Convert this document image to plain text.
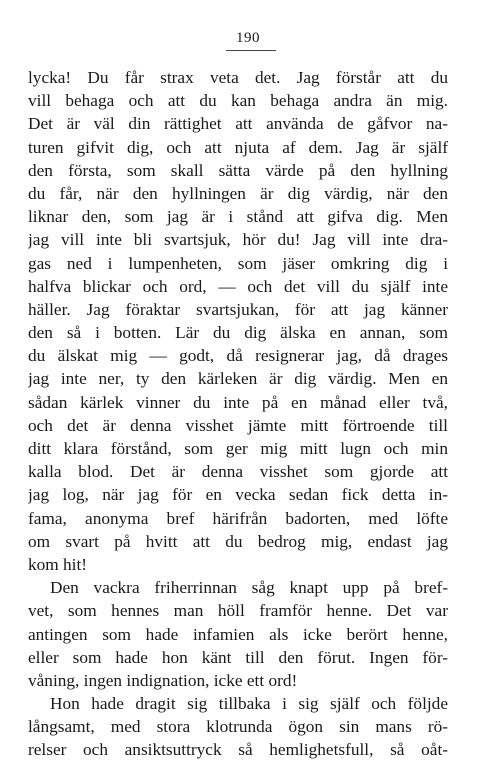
190
lycka! Du får strax veta det. Jag förstår att du
vill behaga och att du kan behaga andra än mig.
Det är väl din rättighet att använda de gåfvor na-
turen gifvit dig, och att njuta af dem. Jag är själf
den första, som skall sätta värde på den hyllning
du får, när den hyllningen är dig värdig, när den
liknar den, som jag är i stånd att gifva dig. Men
jag vill inte bli svartsjuk, hör du! Jag vill inte dra-
gas ned i lumpenheten, som jäser omkring dig i
halfva blickar och ord, — och det vill du själf inte
häller. Jag föraktar svartsjukan, för att jag känner
den så i botten. Lär du dig älska en annan, som
du älskat mig — godt, då resignerar jag, då drages
jag inte ner, ty den kärleken är dig värdig. Men en
sådan kärlek vinner du inte på en månad eller två,
och det är denna visshet jämte mitt förtroende till
ditt klara förstånd, som ger mig mitt lugn och min
kalla blod. Det är denna visshet som gjorde att
jag log, när jag för en vecka sedan fick detta in-
fama, anonyma bref härifrån badorten, med löfte
om svart på hvitt att du bedrog mig, endast jag
kom hit!
Den vackra friherrinnan såg knapt upp på bref-
vet, som hennes man höll framför henne. Det var
antingen som hade infamien als icke berört henne,
eller som hade hon känt till den förut. Ingen för-
våning, ingen indignation, icke ett ord!
Hon hade dragit sig tillbaka i sig själf och följde
långsamt, med stora klotrunda ögon sin mans rö-
relser och ansiktsuttryck så hemlighetsfull, så oåt-
